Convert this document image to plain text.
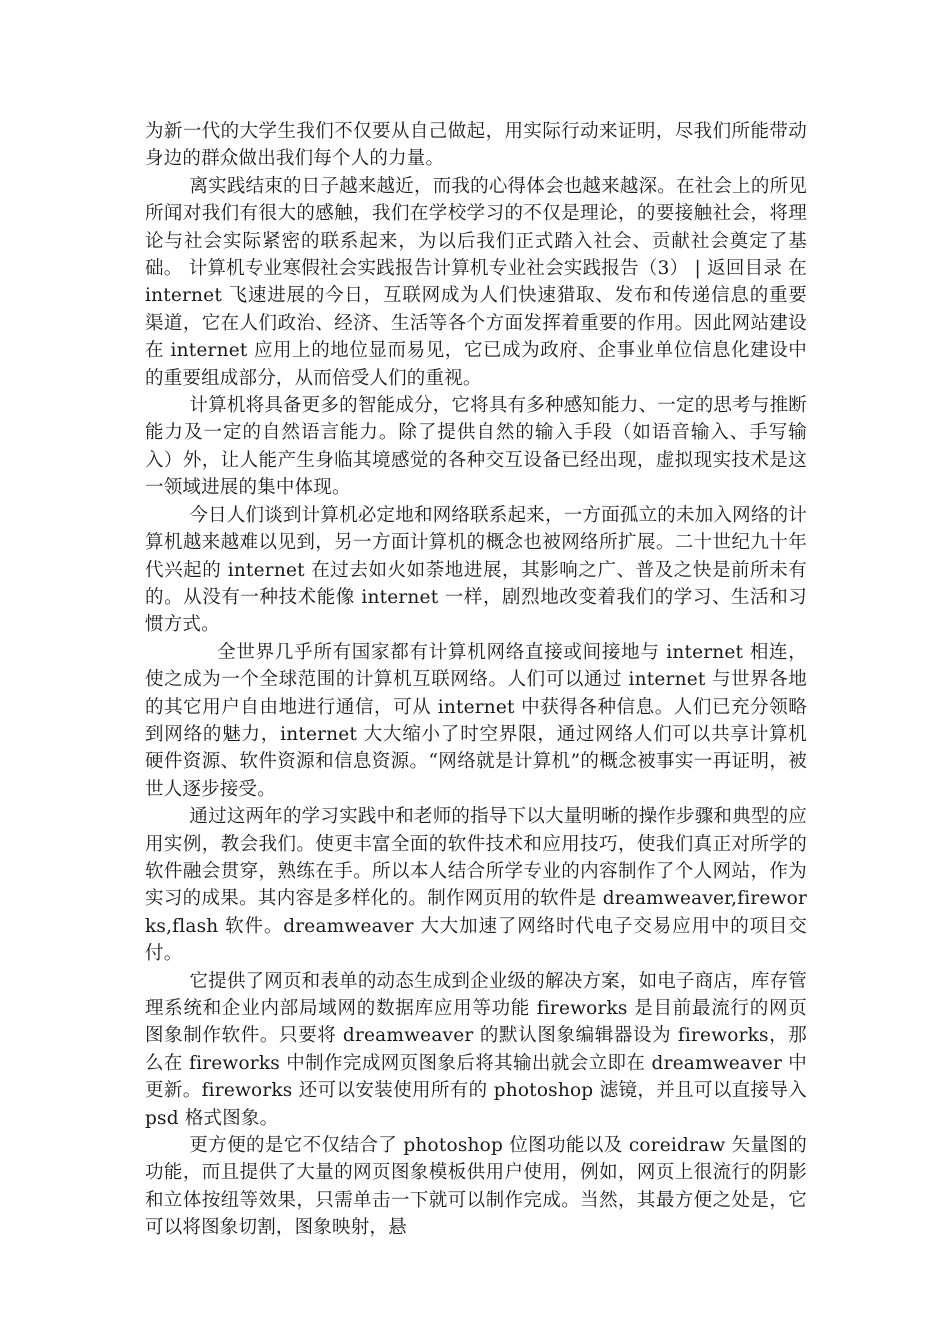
为新一代的大学生我们不仅要从自己做起，用实际行动来证明，尽我们所能带动身边的群众做出我们每个人的力量。

离实践结束的日子越来越近，而我的心得体会也越来越深。在社会上的所见所闻对我们有很大的感触，我们在学校学习的不仅是理论，的要接触社会，将理论与社会实际紧密的联系起来，为以后我们正式踏入社会、贡献社会奠定了基础。 计算机专业寒假社会实践报告计算机专业社会实践报告（3） | 返回目录 在 internet 飞速进展的今日，互联网成为人们快速猎取、发布和传递信息的重要渠道，它在人们政治、经济、生活等各个方面发挥着重要的作用。因此网站建设在 internet 应用上的地位显而易见，它已成为政府、企事业单位信息化建设中的重要组成部分，从而倍受人们的重视。

计算机将具备更多的智能成分，它将具有多种感知能力、一定的思考与推断能力及一定的自然语言能力。除了提供自然的输入手段（如语音输入、手写输入）外，让人能产生身临其境感觉的各种交互设备已经出现，虚拟现实技术是这一领域进展的集中体现。

今日人们谈到计算机必定地和网络联系起来，一方面孤立的未加入网络的计算机越来越难以见到，另一方面计算机的概念也被网络所扩展。二十世纪九十年代兴起的 internet 在过去如火如荼地进展，其影响之广、普及之快是前所未有的。从没有一种技术能像 internet 一样，剧烈地改变着我们的学习、生活和习惯方式。

全世界几乎所有国家都有计算机网络直接或间接地与 internet 相连，使之成为一个全球范围的计算机互联网络。人们可以通过 internet 与世界各地的其它用户自由地进行通信，可从 internet 中获得各种信息。人们已充分领略到网络的魅力，internet 大大缩小了时空界限，通过网络人们可以共享计算机硬件资源、软件资源和信息资源。“网络就是计算机”的概念被事实一再证明，被世人逐步接受。

通过这两年的学习实践中和老师的指导下以大量明晰的操作步骤和典型的应用实例，教会我们。使更丰富全面的软件技术和应用技巧，使我们真正对所学的软件融会贯穿，熟练在手。所以本人结合所学专业的内容制作了个人网站，作为实习的成果。其内容是多样化的。制作网页用的软件是 dreamweaver,fireworks,flash 软件。dreamweaver 大大加速了网络时代电子交易应用中的项目交付。

它提供了网页和表单的动态生成到企业级的解决方案，如电子商店，库存管理系统和企业内部局域网的数据库应用等功能 fireworks 是目前最流行的网页图象制作软件。只要将 dreamweaver 的默认图象编辑器设为 fireworks，那么在 fireworks 中制作完成网页图象后将其输出就会立即在 dreamweaver 中更新。fireworks 还可以安装使用所有的 photoshop 滤镜，并且可以直接导入 psd 格式图象。

更方便的是它不仅结合了 photoshop 位图功能以及 coreidraw 矢量图的功能，而且提供了大量的网页图象模板供用户使用，例如，网页上很流行的阴影和立体按纽等效果，只需单击一下就可以制作完成。当然，其最方便之处是，它可以将图象切割，图象映射，悬
